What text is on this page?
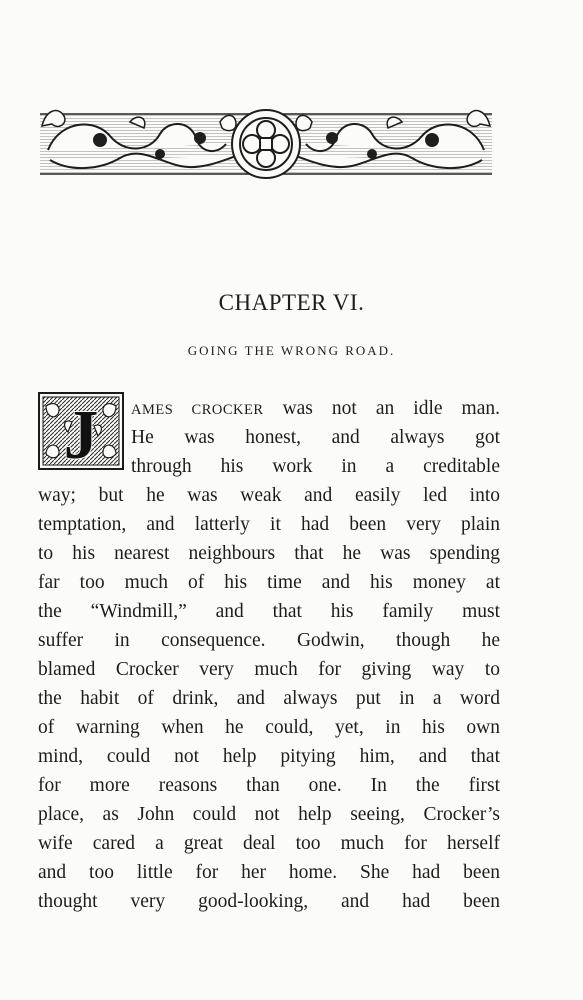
CHAPTER VI.
GOING THE WRONG ROAD.
J AMES CROCKER was not an idle man.
He was honest, and always got
through his work in a creditable
way; but he was weak and easily led into
temptation, and latterly it had been very plain
to his nearest neighbours that he was spending
far too much of his time and his money at
the “Windmill,” and that his family must
suffer in consequence. Godwin, though he
blamed Crocker very much for giving way to
the habit of drink, and always put in a word
of warning when he could, yet, in his own
mind, could not help pitying him, and that
for more reasons than one. In the first
place, as John could not help seeing, Crocker’s
wife cared a great deal too much for herself
and too little for her home. She had been
thought very good-looking, and had been
